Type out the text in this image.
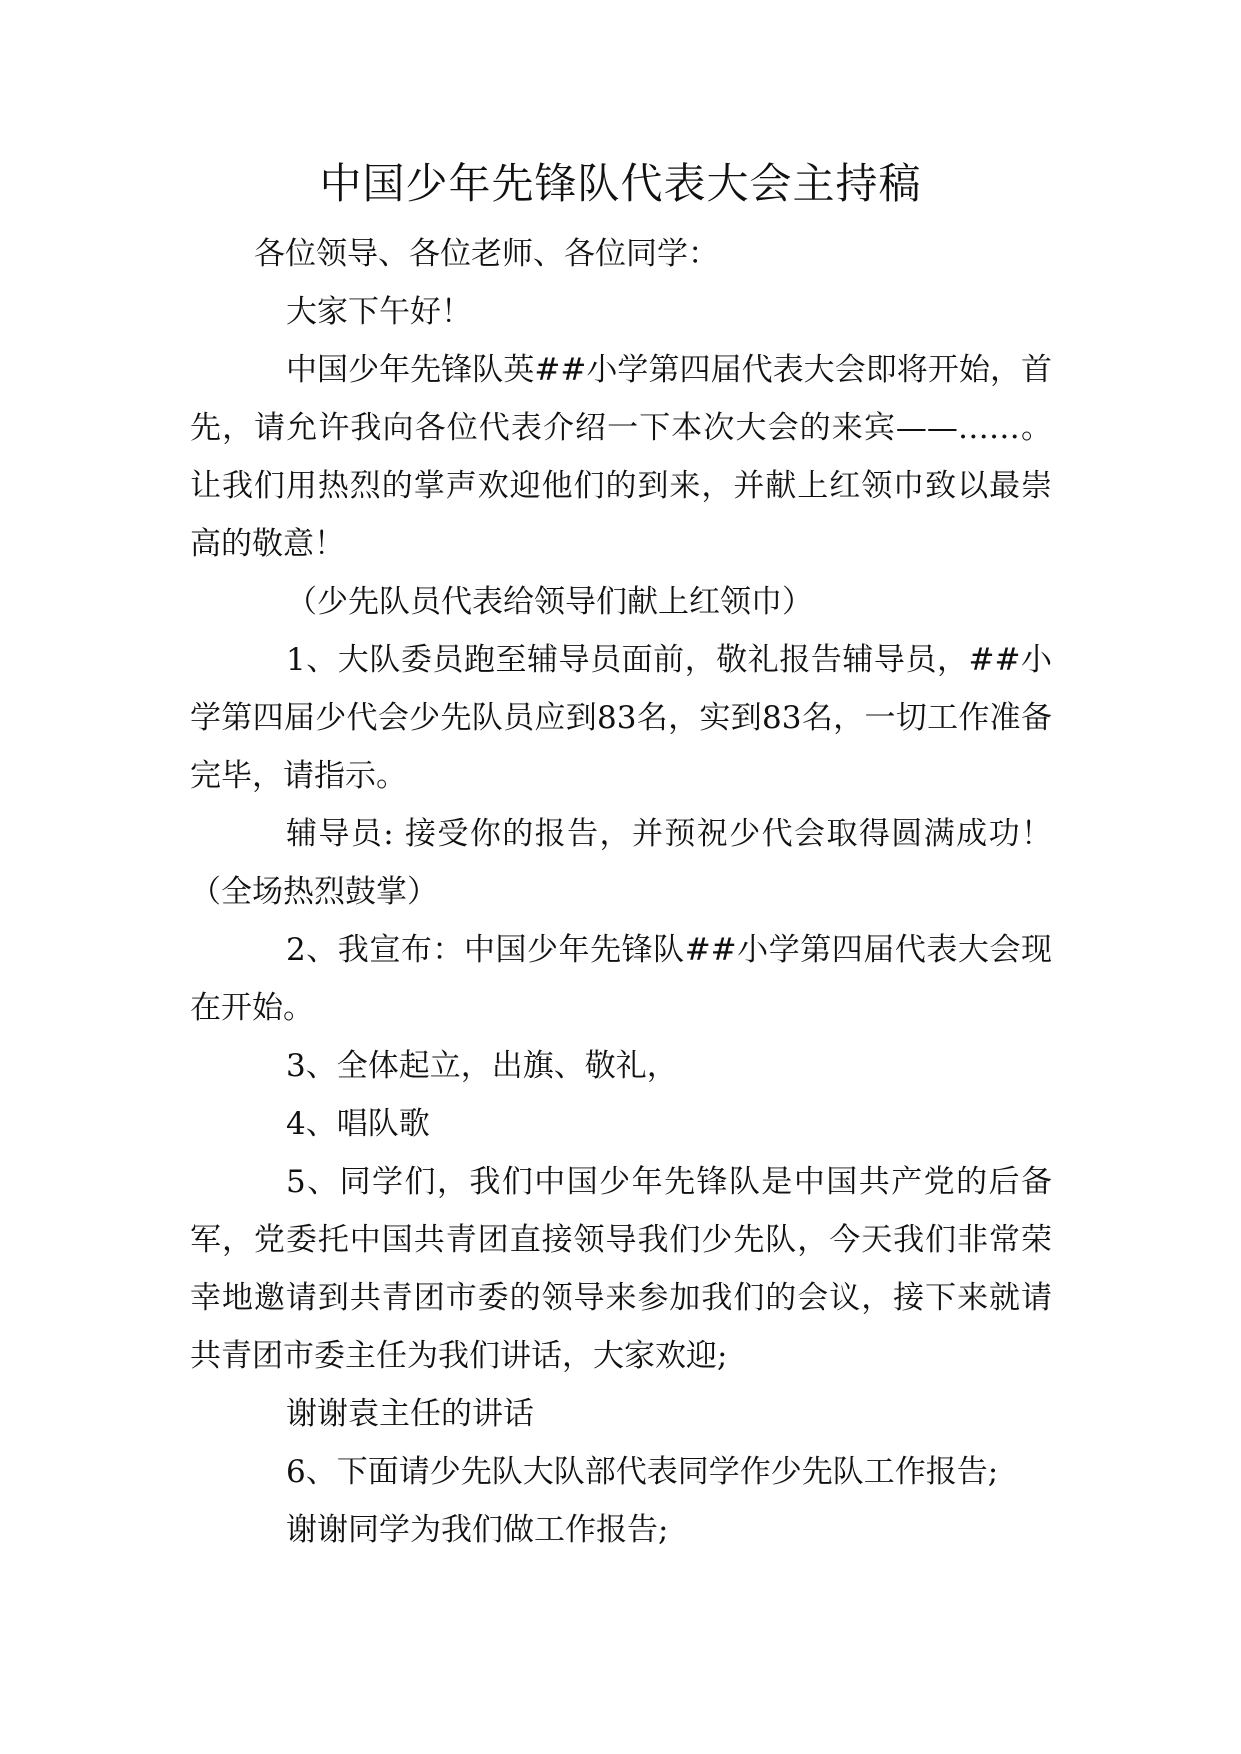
中国少年先锋队代表大会主持稿

各位领导、各位老师、各位同学：

大家下午好！

中国少年先锋队英##小学第四届代表大会即将开始，首先，请允许我向各位代表介绍一下本次大会的来宾——……。让我们用热烈的掌声欢迎他们的到来，并献上红领巾致以最崇高的敬意！

（少先队员代表给领导们献上红领巾）

1、大队委员跑至辅导员面前，敬礼报告辅导员，##小学第四届少代会少先队员应到83名，实到83名，一切工作准备完毕，请指示。

辅导员: 接受你的报告，并预祝少代会取得圆满成功！（全场热烈鼓掌）

2、我宣布：中国少年先锋队##小学第四届代表大会现在开始。

3、全体起立，出旗、敬礼，

4、唱队歌

5、同学们，我们中国少年先锋队是中国共产党的后备军，党委托中国共青团直接领导我们少先队，今天我们非常荣幸地邀请到共青团市委的领导来参加我们的会议，接下来就请共青团市委主任为我们讲话，大家欢迎;

谢谢袁主任的讲话

6、下面请少先队大队部代表同学作少先队工作报告;

谢谢同学为我们做工作报告;
